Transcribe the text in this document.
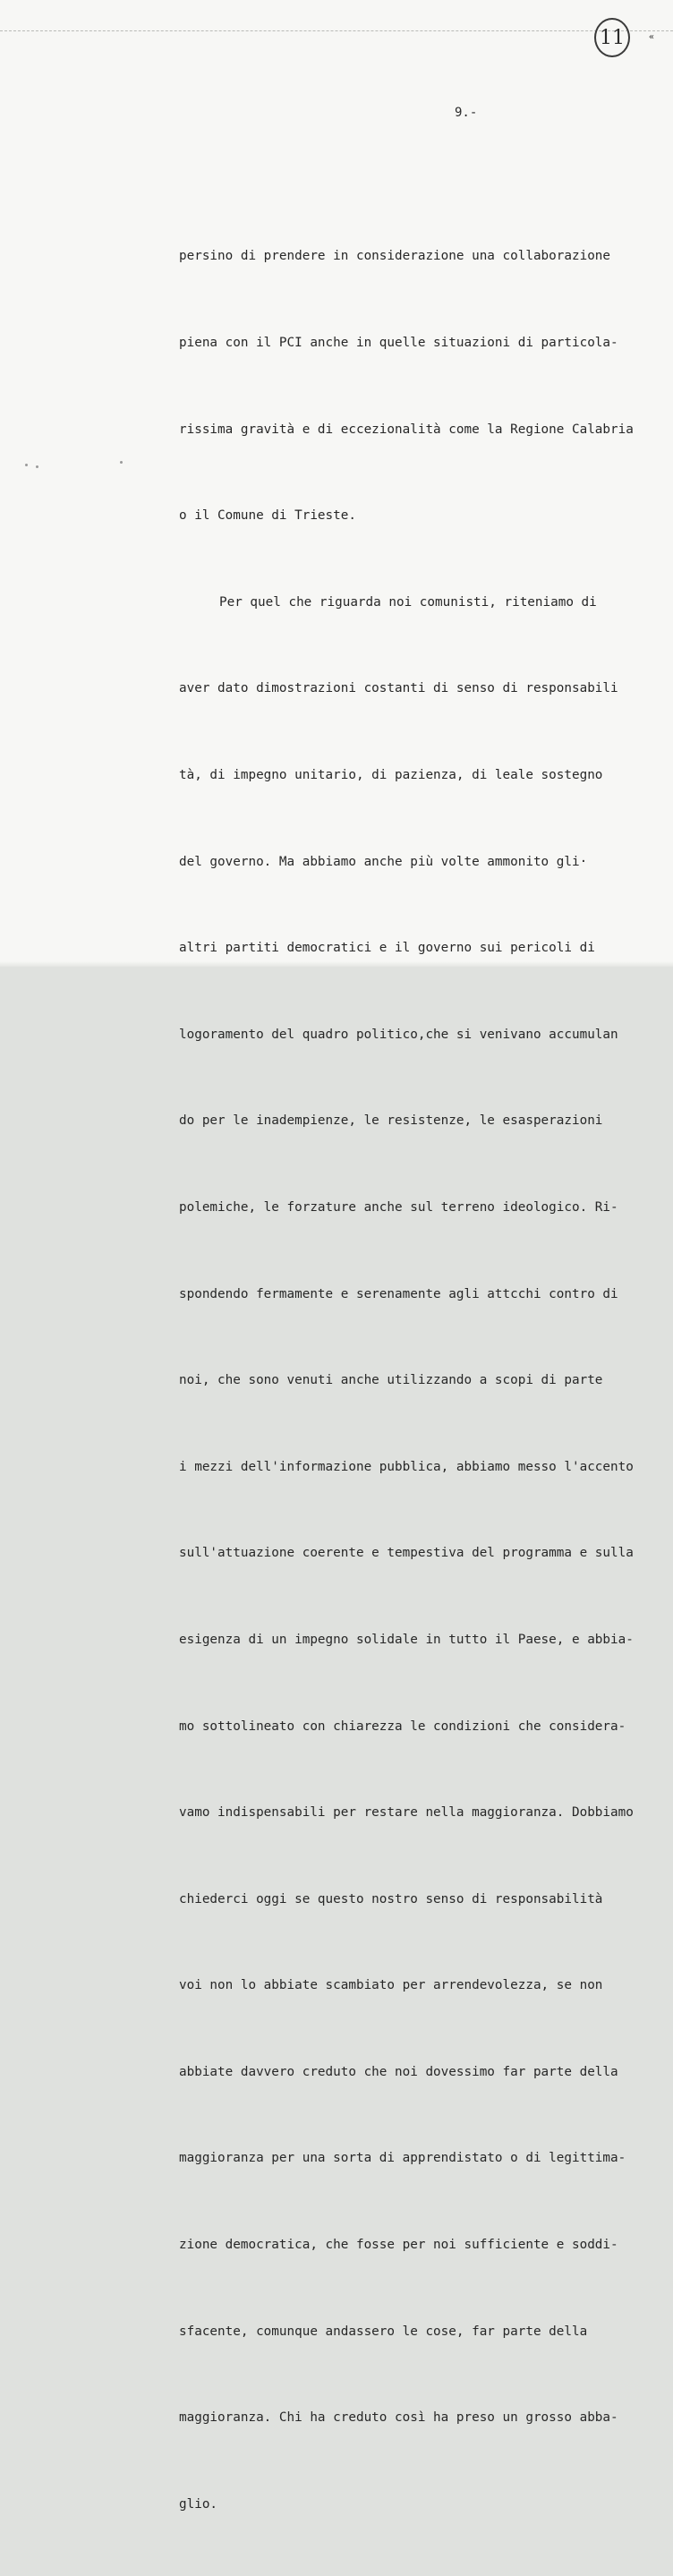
11	«
9.-

persino di prendere in considerazione una collaborazione

piena con il PCI anche in quelle situazioni di particola-

rissima gravità e di eccezionalità come la Regione Calabria

o il Comune di Trieste.

Per quel che riguarda noi comunisti, riteniamo di

aver dato dimostrazioni costanti di senso di responsabili

tà, di impegno unitario, di pazienza, di leale sostegno

del governo. Ma abbiamo anche più volte ammonito gli·

altri partiti democratici e il governo sui pericoli di

logoramento del quadro politico,che si venivano accumulan

do per le inadempienze, le resistenze, le esasperazioni

polemiche, le forzature anche sul terreno ideologico. Ri-

spondendo fermamente e serenamente agli attcchi contro di

noi, che sono venuti anche utilizzando a scopi di parte

i mezzi dell'informazione pubblica, abbiamo messo l'accento

sull'attuazione coerente e tempestiva del programma e sulla

esigenza di un impegno solidale in tutto il Paese, e abbia-

mo sottolineato con chiarezza le condizioni che considera-

vamo indispensabili per restare nella maggioranza. Dobbiamo

chiederci oggi se questo nostro senso di responsabilità

voi non lo abbiate scambiato per arrendevolezza, se non

abbiate davvero creduto che noi dovessimo far parte della

maggioranza per una sorta di apprendistato o di legittima-

zione democratica, che fosse per noi sufficiente e soddi-

sfacente, comunque andassero le cose, far parte della

maggioranza. Chi ha creduto così ha preso un grosso abba-

glio.
